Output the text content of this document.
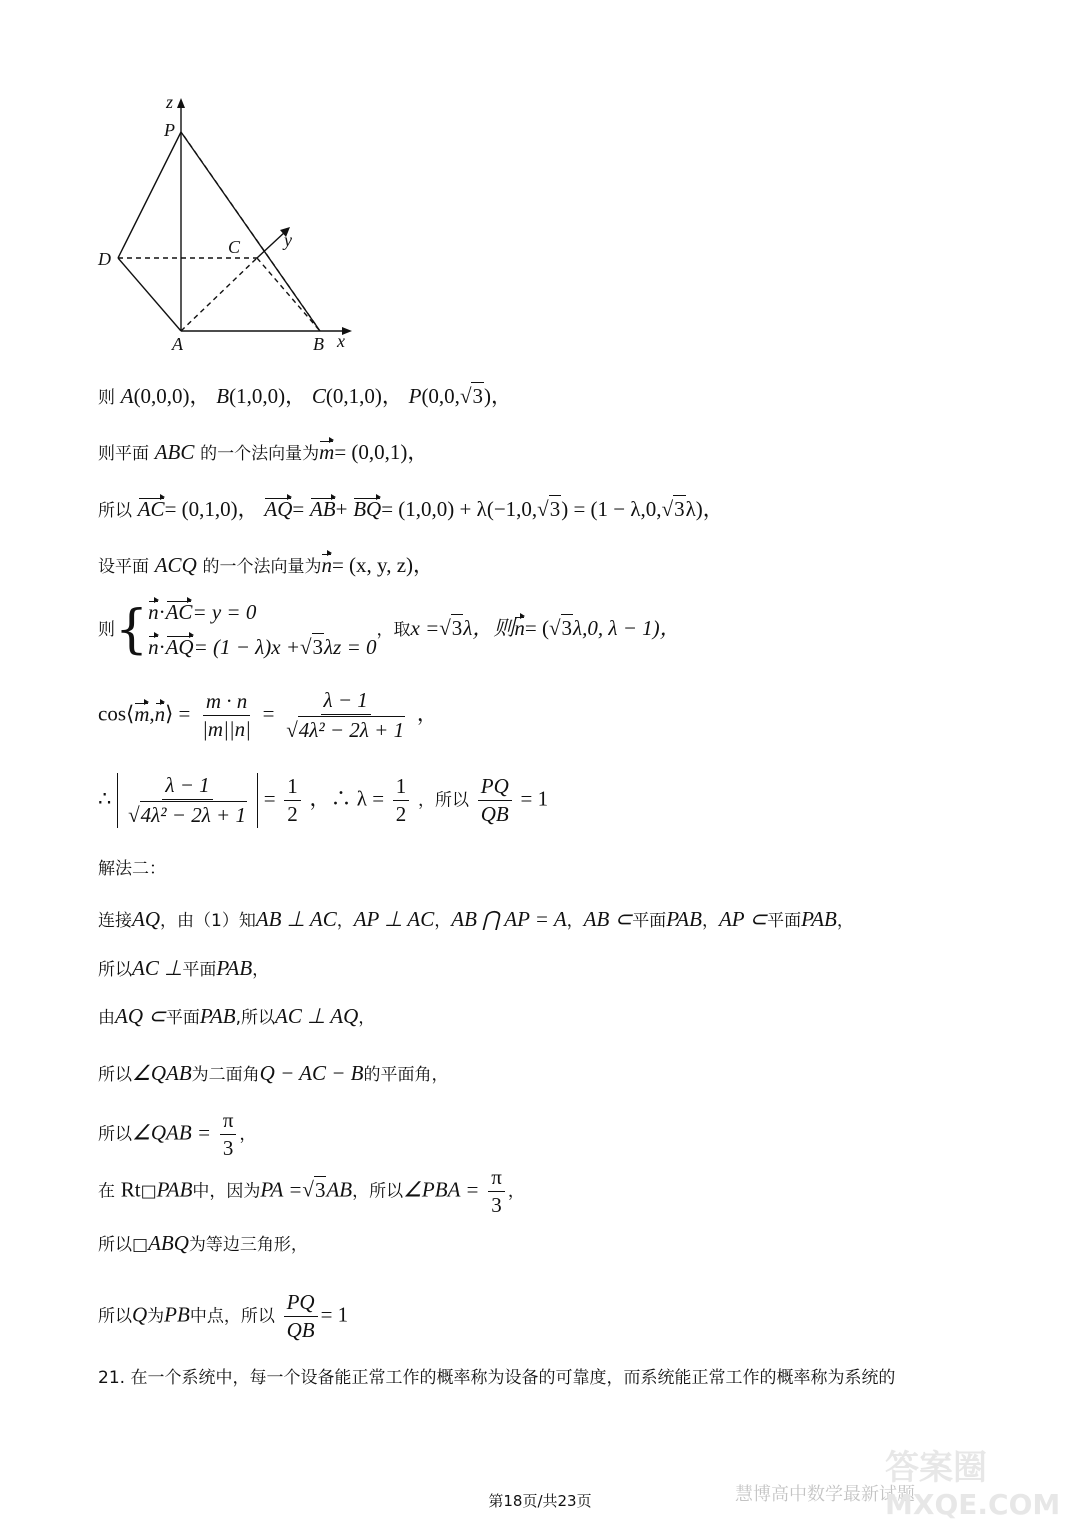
z
P
D
C y
A	B x
则 A(0,0,0)， B(1,0,0)， C(0,1,0)， P(0,0,√3)，
则平面 ABC 的一个法向量为m= (0,0,1)，
所以 AC= (0,1,0)， AQ= AB+ BQ= (1,0,0) + λ(−1,0,√3) = (1 − λ,0,√3λ)，
设平面 ACQ 的一个法向量为n= (x, y, z)，
则{ n·AC= y = 0
n·AQ= (1 − λ)x +√3λz = 0
，取x =√3λ，则n= (√3λ,0, λ − 1)，
cos⟨m,n⟩ = $\frac{m \cdot n}{|m||n|} = \frac{\lambda - 1}{\text{√4λ² − 2λ + 1}}$ ，
∴ $\frac{\lambda - 1}{\text{√4λ² − 2λ + 1}} = \frac{1}{2}$ ，∴ $\lambda = \frac{1}{2}$ ，所以 $\frac{PQ}{QB} = 1$
解法二：
连接AQ，由（1）知AB ⊥ AC，AP ⊥ AC，AB ⋂ AP = A，AB ⊂平面PAB，AP ⊂平面PAB，
所以AC ⊥平面PAB，
由AQ ⊂平面PAB,所以AC ⊥ AQ，
所以∠QAB为二面角Q − AC − B的平面角，
所以∠QAB = $\frac{\pi}{3}$ ，
在 Rt□PAB中，因为PA =√3AB，所以∠PBA = $\frac{\pi}{3}$ ，
所以□ABQ为等边三角形，
所以Q为PB中点，所以 $\frac{PQ}{QB} = 1$
21. 在一个系统中，每一个设备能正常工作的概率称为设备的可靠度，而系统能正常工作的概率称为系统的
慧博高中数学最新试题
答案圈
MXQE.COM
第18页/共23页
